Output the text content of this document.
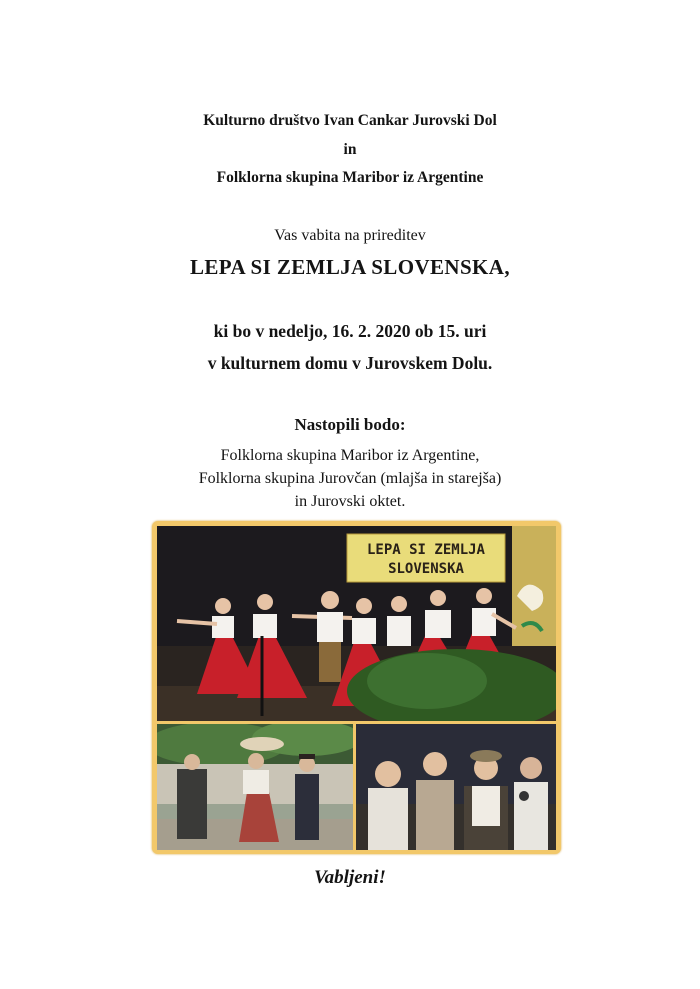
Kulturno društvo Ivan Cankar Jurovski Dol
in
Folklorna skupina Maribor iz Argentine
Vas vabita na prireditev
LEPA SI ZEMLJA SLOVENSKA,
ki bo v nedeljo, 16. 2. 2020 ob 15. uri
v kulturnem domu v Jurovskem Dolu.
Nastopili bodo:
Folklorna skupina Maribor iz Argentine,
Folklorna skupina Jurovčan (mlajša in starejša)
in Jurovski oktet.
LEPA SI ZEMLJA
SLOVENSKA
Vabljeni!
